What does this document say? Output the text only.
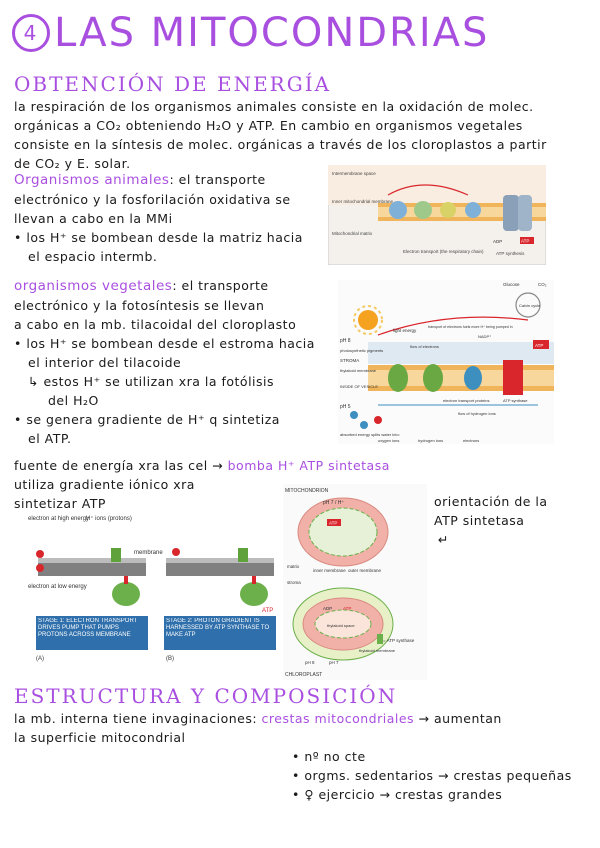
4 LAS MITOCONDRIAS
OBTENCIÓN DE ENERGÍA
la respiración de los organismos animales consiste en la oxidación de molec.
orgánicas a CO₂ obteniendo H₂O y ATP. En cambio en organismos vegetales
consiste en la síntesis de molec. orgánicas a través de los cloroplastos a partir
de CO₂ y E. solar.
Organismos animales: el transporte
electrónico y la fosforilación oxidativa se
llevan a cabo en la MMi
• los H⁺ se bombean desde la matriz hacia
el espacio intermb.
Intermembrane space
Inner mitochondrial membrane
Mitochondrial matrix
Electron transport (the respiratory chain)	ATP synthesis
ADP	ATP
organismos vegetales: el transporte
electrónico y la fotosíntesis se llevan
a cabo en la mb. tilacoidal del cloroplasto
• los H⁺ se bombean desde el estroma hacia
el interior del tilacoide
↳ estos H⁺ se utilizan xra la fotólisis
del H₂O
• se genera gradiente de H⁺ q sintetiza
el ATP.
Glucose	CO₂
Calvin cycle
pH 8
STROMA
light energy
photosynthetic pigments
flow of electrons
thylakoid membrane
INSIDE OF VESICLE
pH 5
transport of electrons fuels more H⁺ being pumped in
NADP⁺
ATP
ATP synthase
electron transport proteins
flow of hydrogen ions
absorbed energy splits water into:
oxygen ions	hydrogen ions	electrons
fuente de energía xra las cel → bomba H⁺ ATP sintetasa
utiliza gradiente iónico xra
sintetizar ATP
electron at high energy
H⁺ ions (protons)
membrane
electron at low energy
STAGE 1: ELECTRON TRANSPORT DRIVES PUMP THAT PUMPS PROTONS ACROSS MEMBRANE
STAGE 2: PROTON GRADIENT IS HARNESSED BY ATP SYNTHASE TO MAKE ATP
(A)	(B)
ATP
MITOCHONDRION
pH 7 / H⁺
ATP
matrix
inner membrane outer membrane
stroma
ADP ATP
thylakoid space
thylakoid membrane
pH 8	pH 7
= ATP synthase
CHLOROPLAST
orientación de la
ATP sintetasa
↵
ESTRUCTURA Y COMPOSICIÓN
la mb. interna tiene invaginaciones: crestas mitocondriales → aumentan
la superficie mitocondrial
• nº no cte
• orgms. sedentarios → crestas pequeñas
• ♀ ejercicio → crestas grandes
